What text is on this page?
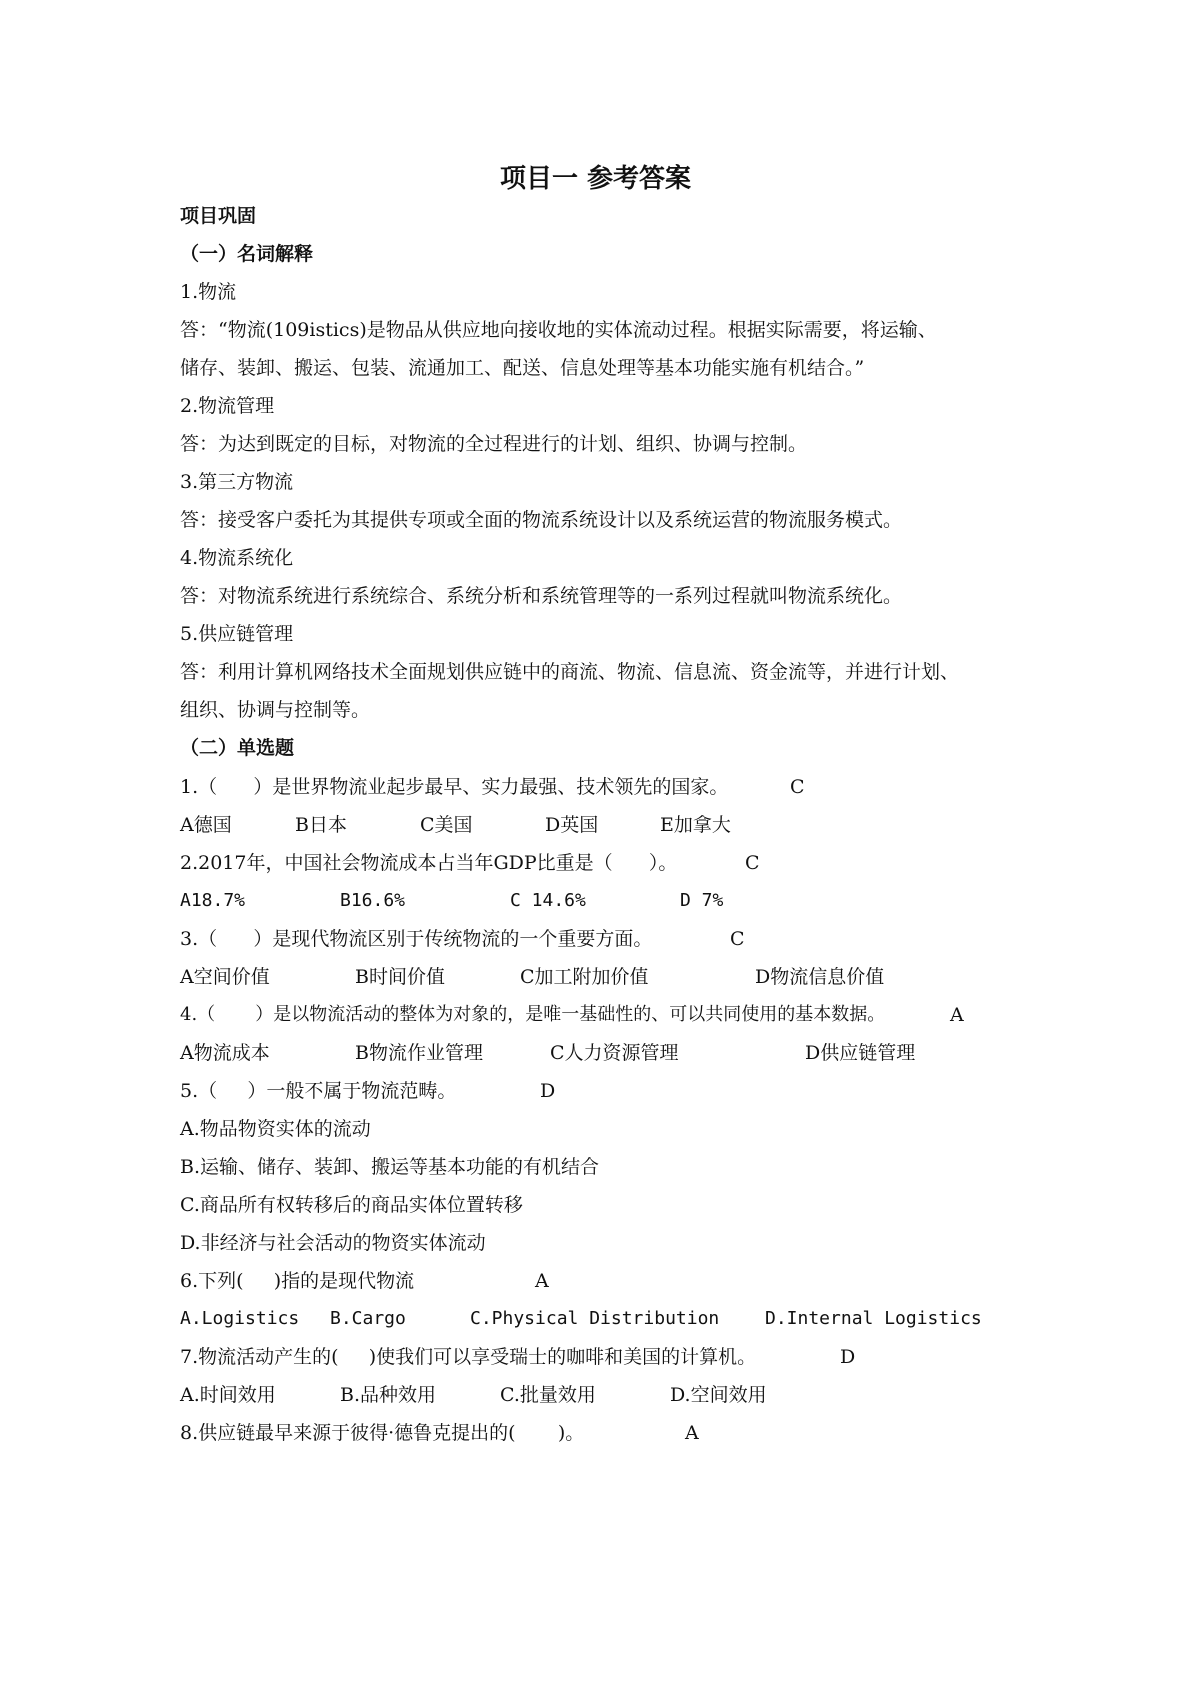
项目一 参考答案
项目巩固
（一）名词解释
1.物流
答：“物流(109istics)是物品从供应地向接收地的实体流动过程。根据实际需要，将运输、
储存、装卸、搬运、包装、流通加工、配送、信息处理等基本功能实施有机结合。”
2.物流管理
答：为达到既定的目标，对物流的全过程进行的计划、组织、协调与控制。
3.第三方物流
答：接受客户委托为其提供专项或全面的物流系统设计以及系统运营的物流服务模式。
4.物流系统化
答：对物流系统进行系统综合、系统分析和系统管理等的一系列过程就叫物流系统化。
5.供应链管理
答：利用计算机网络技术全面规划供应链中的商流、物流、信息流、资金流等，并进行计划、
组织、协调与控制等。
（二）单选题
1.（      ）是世界物流业起步最早、实力最强、技术领先的国家。	C
A德国	B日本	C美国	D英国	E加拿大
2.2017年，中国社会物流成本占当年GDP比重是（      ）。	C
A18.7%	B16.6%	C 14.6%	D 7%
3.（      ）是现代物流区别于传统物流的一个重要方面。	C
A空间价值	B时间价值	C加工附加价值	D物流信息价值
4.（       ）是以物流活动的整体为对象的，是唯一基础性的、可以共同使用的基本数据。	A
A物流成本	B物流作业管理	C人力资源管理	D供应链管理
5.（     ）一般不属于物流范畴。	D
A.物品物资实体的流动
B.运输、储存、装卸、搬运等基本功能的有机结合
C.商品所有权转移后的商品实体位置转移
D.非经济与社会活动的物资实体流动
6.下列(     )指的是现代物流	A
A.Logistics B.Cargo	C.Physical Distribution	D.Internal Logistics
7.物流活动产生的(     )使我们可以享受瑞士的咖啡和美国的计算机。	D
A.时间效用	B.品种效用	C.批量效用	D.空间效用
8.供应链最早来源于彼得·德鲁克提出的(       )。	A
